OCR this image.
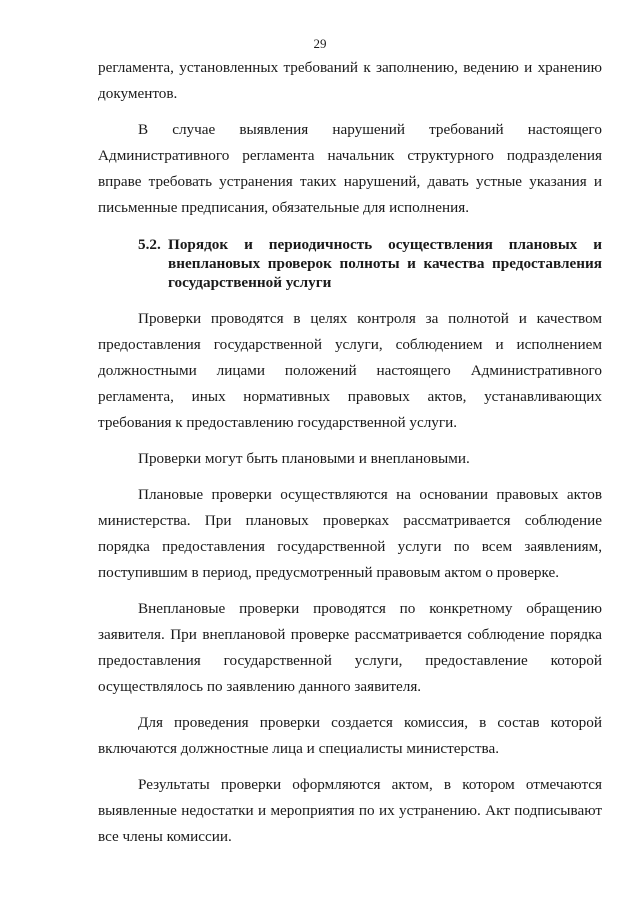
29

регламента, установленных требований к заполнению, ведению и хранению документов.

В случае выявления нарушений требований настоящего Административного регламента начальник структурного подразделения вправе требовать устранения таких нарушений, давать устные указания и письменные предписания, обязательные для исполнения.

5.2. Порядок и периодичность осуществления плановых и внеплановых проверок полноты и качества предоставления государственной услуги

Проверки проводятся в целях контроля за полнотой и качеством предоставления государственной услуги, соблюдением и исполнением должностными лицами положений настоящего Административного регламента, иных нормативных правовых актов, устанавливающих требования к предоставлению государственной услуги.

Проверки могут быть плановыми и внеплановыми.

Плановые проверки осуществляются на основании правовых актов министерства. При плановых проверках рассматривается соблюдение порядка предоставления государственной услуги по всем заявлениям, поступившим в период, предусмотренный правовым актом о проверке.

Внеплановые проверки проводятся по конкретному обращению заявителя. При внеплановой проверке рассматривается соблюдение порядка предоставления государственной услуги, предоставление которой осуществлялось по заявлению данного заявителя.

Для проведения проверки создается комиссия, в состав которой включаются должностные лица и специалисты министерства.

Результаты проверки оформляются актом, в котором отмечаются выявленные недостатки и мероприятия по их устранению. Акт подписывают все члены комиссии.
